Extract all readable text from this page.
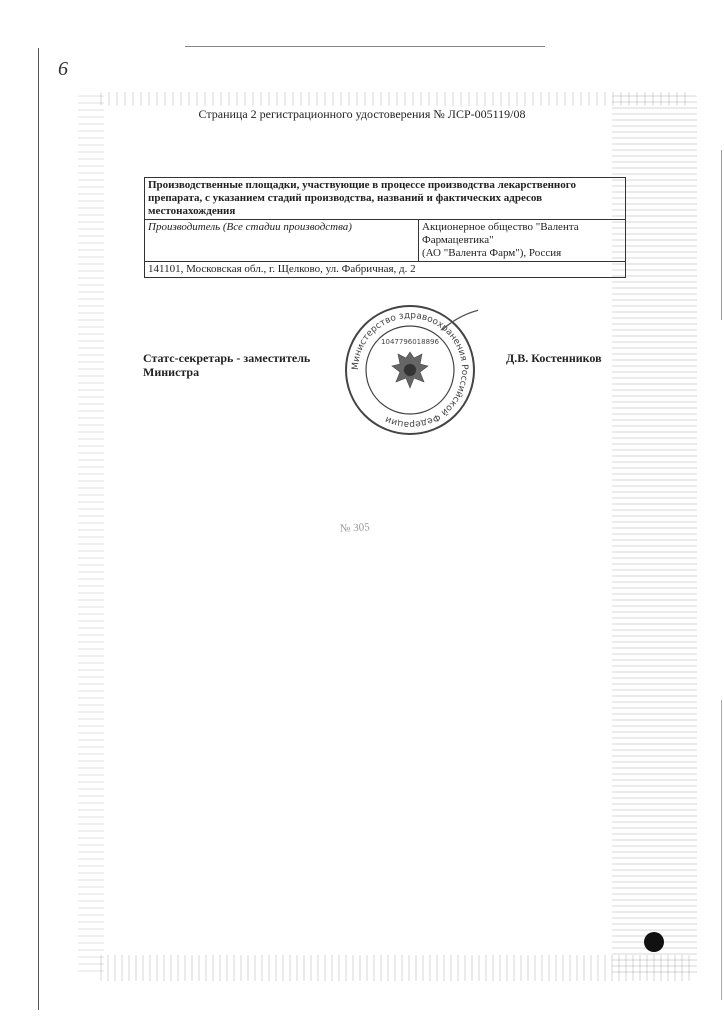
6
Страница 2 регистрационного удостоверения № ЛСР-005119/08
Производственные площадки, участвующие в процессе производства лекарственного препарата, с указанием стадий производства, названий и фактических адресов местонахождения
Производитель (Все стадии производства)	Акционерное общество "Валента
Фармацевтика"
(АО "Валента Фарм"), Россия

141101, Московская обл., г. Щелково, ул. Фабричная, д. 2
Министерство здравоохранения Российской Федерации
1047796018896
Статс-секретарь - заместитель
Министра
Д.В. Костенников
№ 305
